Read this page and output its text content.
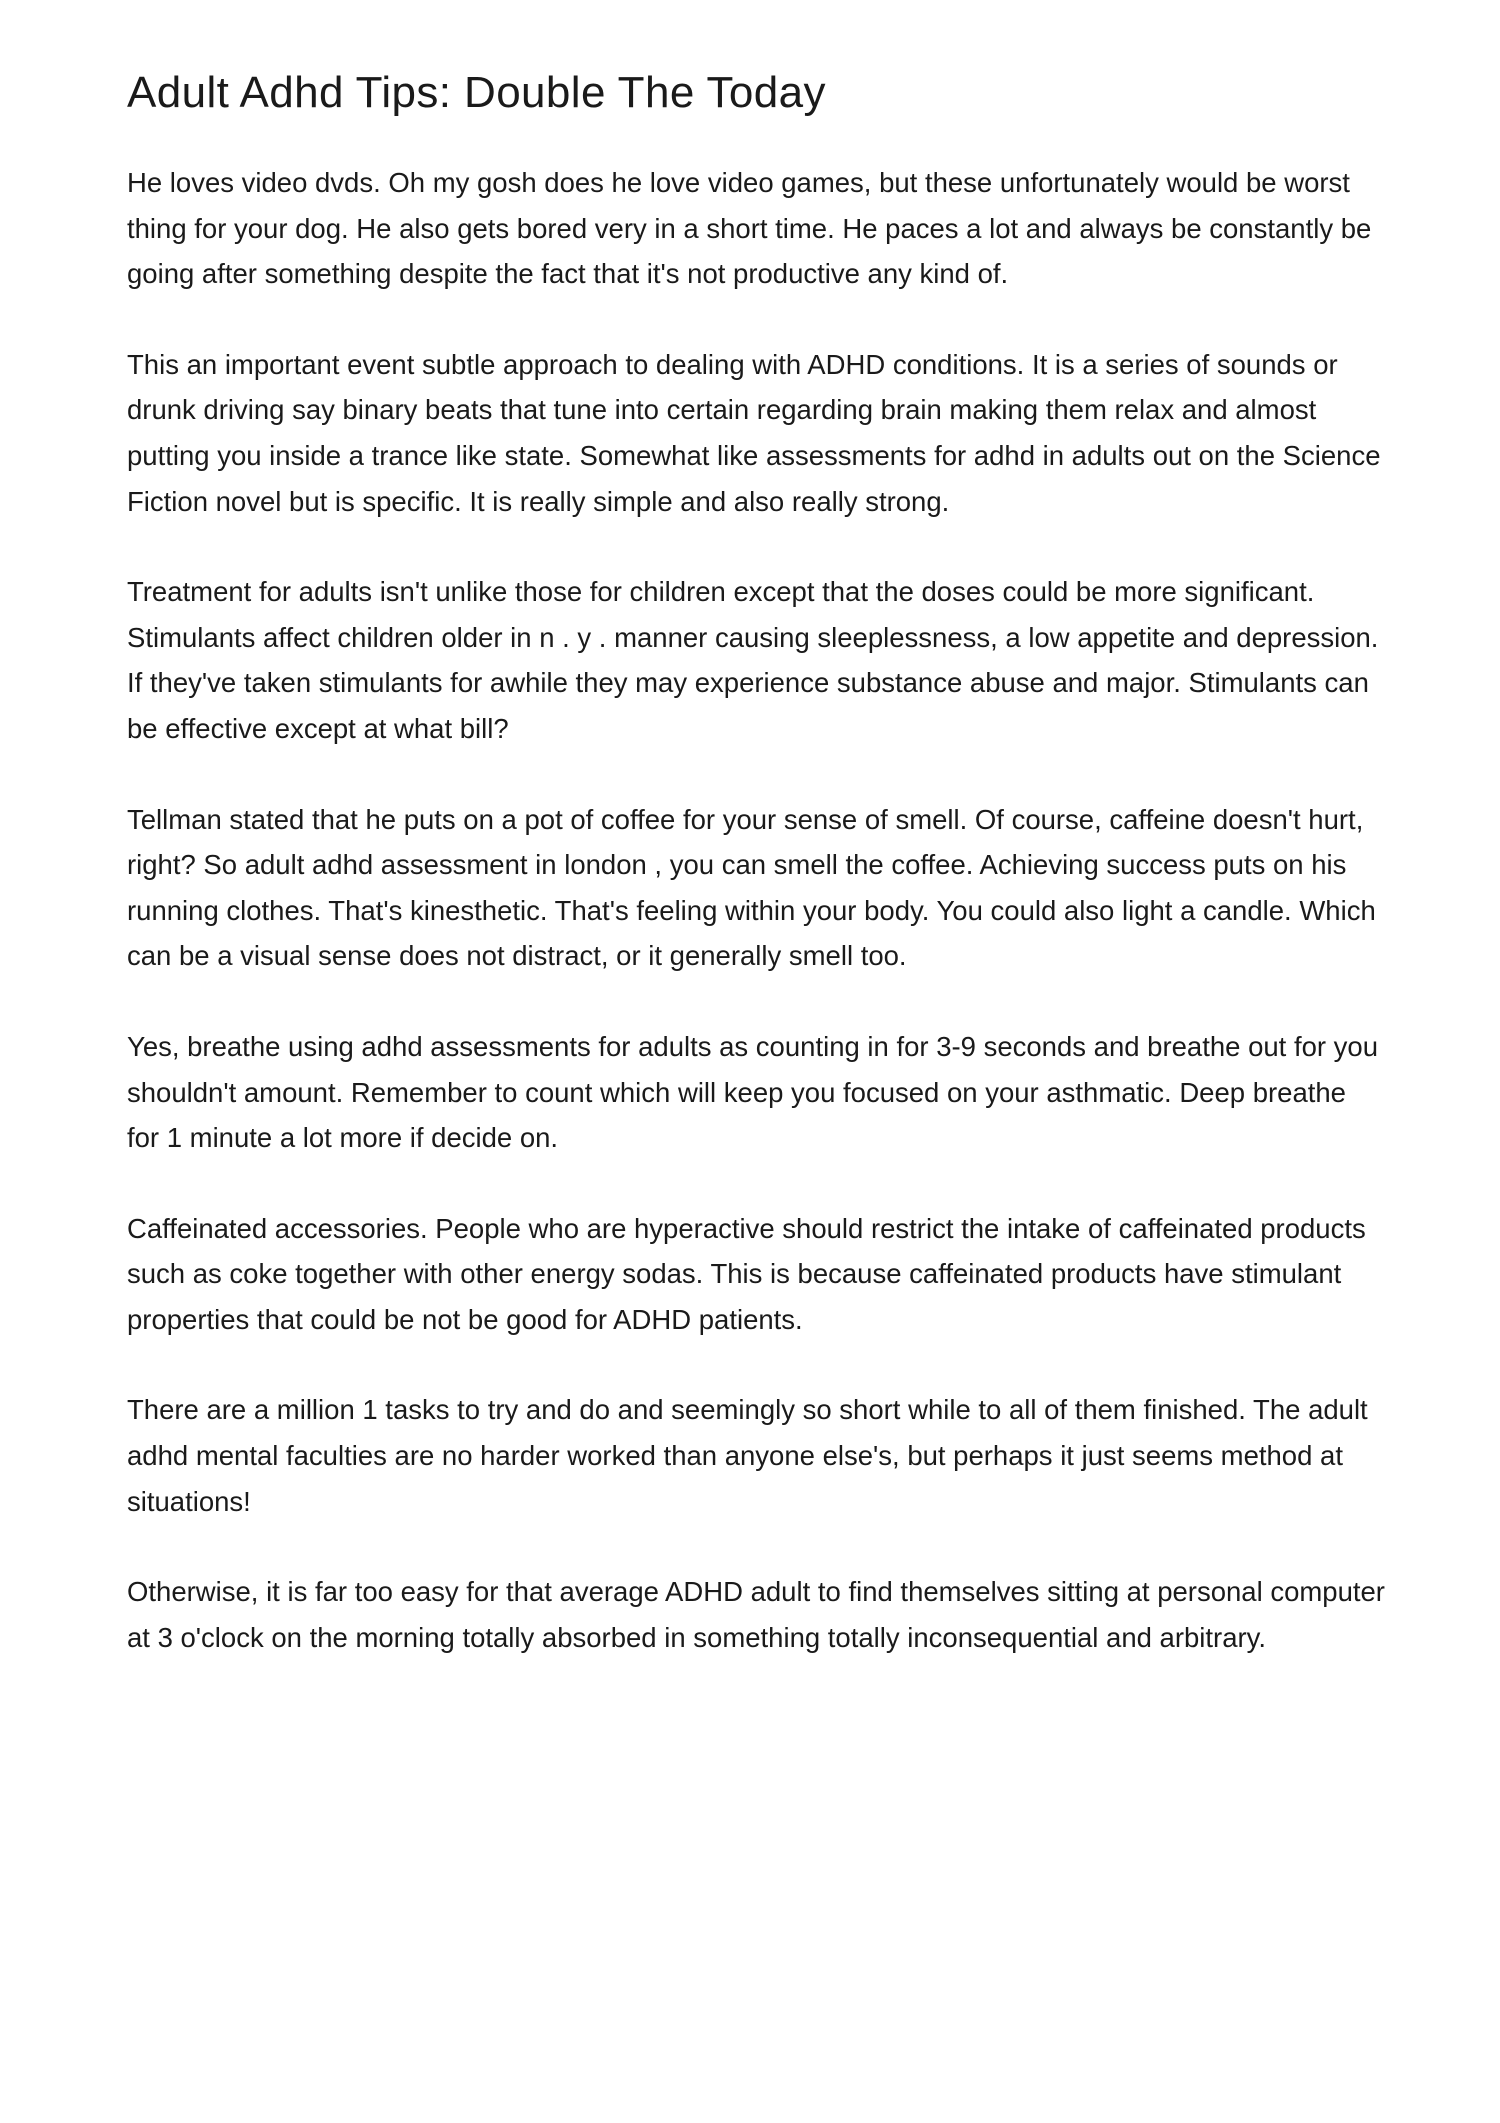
Adult Adhd Tips: Double The Today

He loves video dvds. Oh my gosh does he love video games, but these unfortunately would be worst thing for your dog. He also gets bored very in a short time. He paces a lot and always be constantly be going after something despite the fact that it's not productive any kind of.

This an important event subtle approach to dealing with ADHD conditions. It is a series of sounds or drunk driving say binary beats that tune into certain regarding brain making them relax and almost putting you inside a trance like state. Somewhat like assessments for adhd in adults out on the Science Fiction novel but is specific. It is really simple and also really strong.

Treatment for adults isn't unlike those for children except that the doses could be more significant. Stimulants affect children older in n . y . manner causing sleeplessness, a low appetite and depression. If they've taken stimulants for awhile they may experience substance abuse and major. Stimulants can be effective except at what bill?

Tellman stated that he puts on a pot of coffee for your sense of smell. Of course, caffeine doesn't hurt, right? So adult adhd assessment in london , you can smell the coffee. Achieving success puts on his running clothes. That's kinesthetic. That's feeling within your body. You could also light a candle. Which can be a visual sense does not distract, or it generally smell too.

Yes, breathe using adhd assessments for adults as counting in for 3-9 seconds and breathe out for you shouldn't amount. Remember to count which will keep you focused on your asthmatic. Deep breathe for 1 minute a lot more if decide on.

Caffeinated accessories. People who are hyperactive should restrict the intake of caffeinated products such as coke together with other energy sodas. This is because caffeinated products have stimulant properties that could be not be good for ADHD patients.

There are a million 1 tasks to try and do and seemingly so short while to all of them finished. The adult adhd mental faculties are no harder worked than anyone else's, but perhaps it just seems method at situations!

Otherwise, it is far too easy for that average ADHD adult to find themselves sitting at personal computer at 3 o'clock on the morning totally absorbed in something totally inconsequential and arbitrary.
